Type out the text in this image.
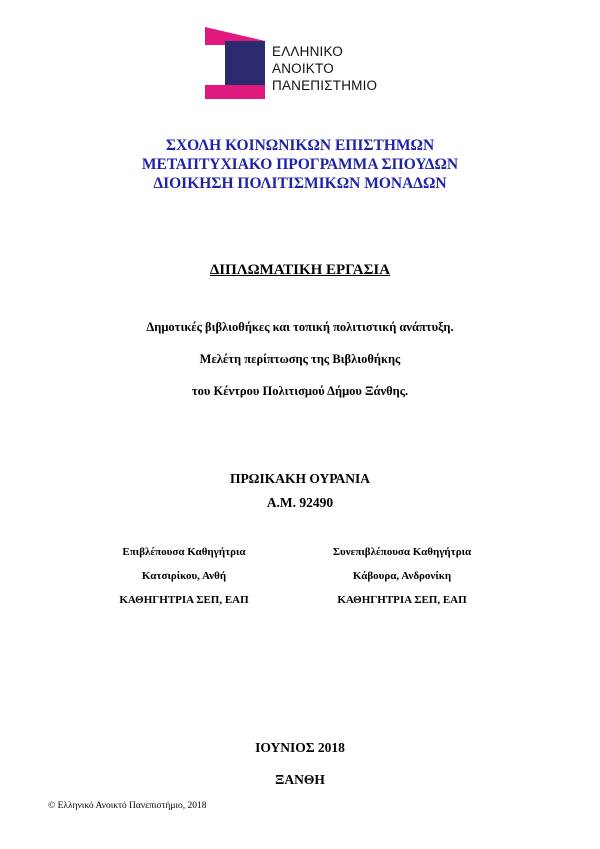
ΕΛΛΗΝΙΚΟ
ΑΝΟΙΚΤΟ
ΠΑΝΕΠΙΣΤΗΜΙΟ
ΣΧΟΛΗ ΚΟΙΝΩΝΙΚΩΝ ΕΠΙΣΤΗΜΩΝ
ΜΕΤΑΠΤΥΧΙΑΚΟ ΠΡΟΓΡΑΜΜΑ ΣΠΟΥΔΩΝ
ΔΙΟΙΚΗΣΗ ΠΟΛΙΤΙΣΜΙΚΩΝ ΜΟΝΑΔΩΝ
ΔΙΠΛΩΜΑΤΙΚΗ ΕΡΓΑΣΙΑ
Δημοτικές βιβλιοθήκες και τοπική πολιτιστική ανάπτυξη.
Μελέτη περίπτωσης της Βιβλιοθήκης
του Κέντρου Πολιτισμού Δήμου Ξάνθης.
ΠΡΩΙΚΑΚΗ ΟΥΡΑΝΙΑ
Α.Μ. 92490
Επιβλέπουσα Καθηγήτρια
Κατσιρίκου, Ανθή
ΚΑΘΗΓΗΤΡΙΑ ΣΕΠ, ΕΑΠ
Συνεπιβλέπουσα Καθηγήτρια
Κάβουρα, Ανδρονίκη
ΚΑΘΗΓΗΤΡΙΑ ΣΕΠ, ΕΑΠ
ΙΟΥΝΙΟΣ 2018
ΞΑΝΘΗ
© Ελληνικό Ανοικτό Πανεπιστήμιο, 2018
